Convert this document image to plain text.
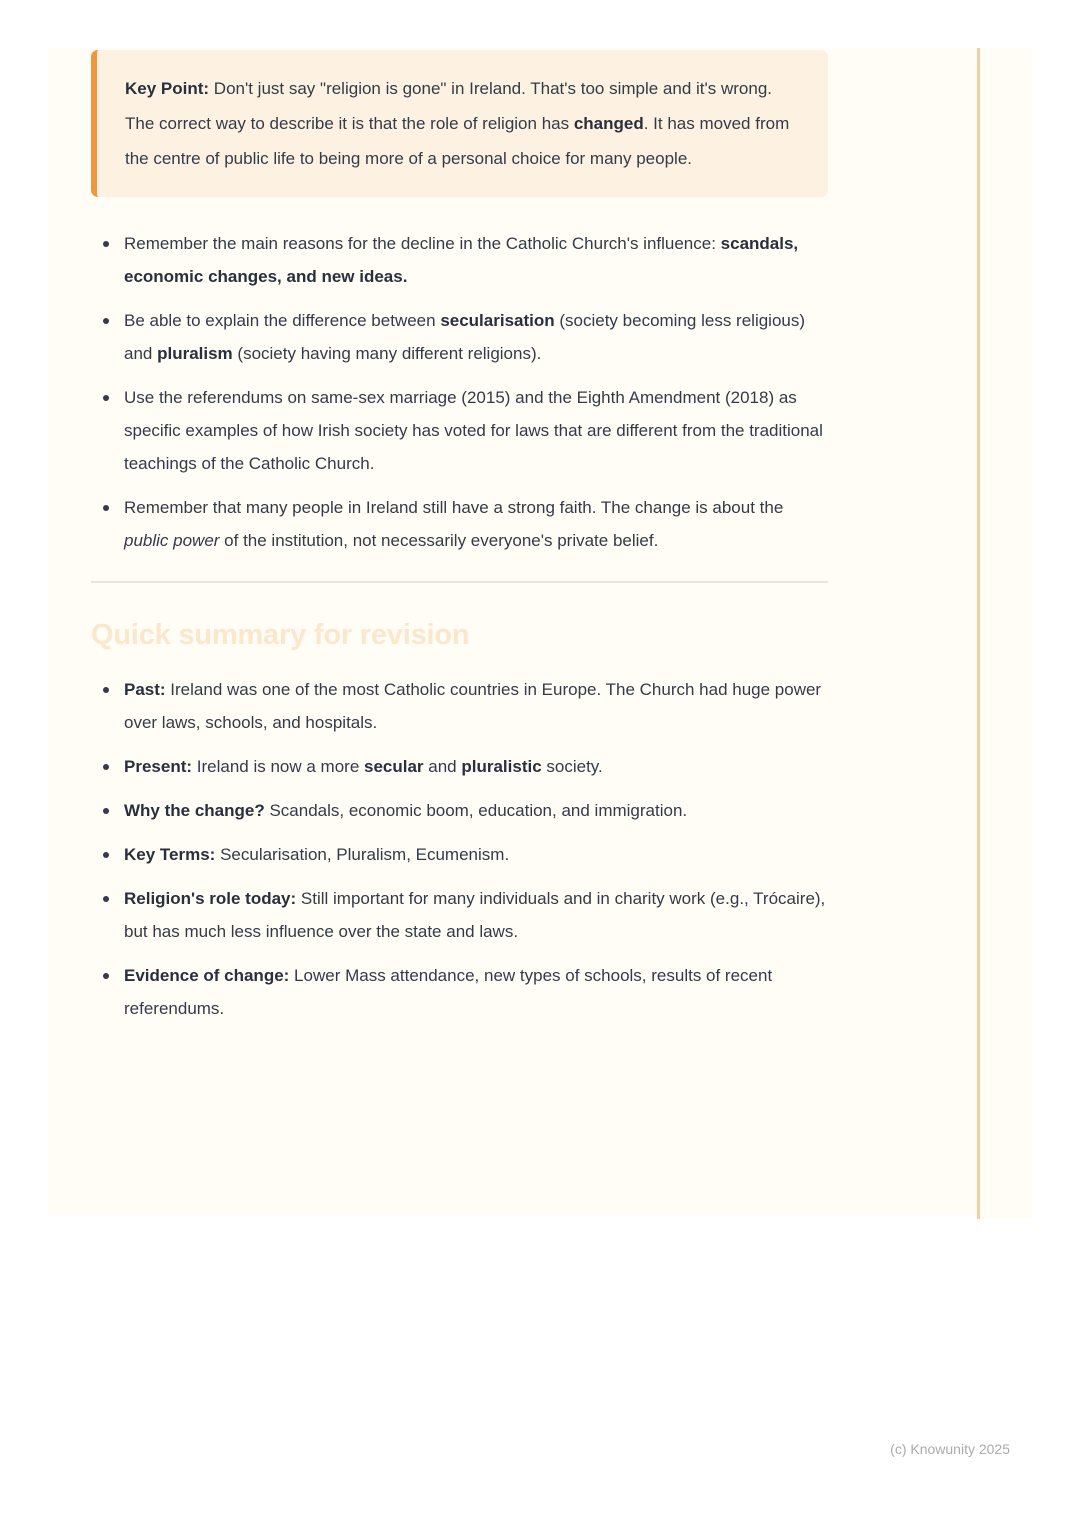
Key Point: Don't just say "religion is gone" in Ireland. That's too simple and it's wrong. The correct way to describe it is that the role of religion has changed. It has moved from the centre of public life to being more of a personal choice for many people.

Remember the main reasons for the decline in the Catholic Church's influence: scandals, economic changes, and new ideas.
Be able to explain the difference between secularisation (society becoming less religious) and pluralism (society having many different religions).
Use the referendums on same-sex marriage (2015) and the Eighth Amendment (2018) as specific examples of how Irish society has voted for laws that are different from the traditional teachings of the Catholic Church.
Remember that many people in Ireland still have a strong faith. The change is about the public power of the institution, not necessarily everyone's private belief.
Quick summary for revision
Past: Ireland was one of the most Catholic countries in Europe. The Church had huge power over laws, schools, and hospitals.
Present: Ireland is now a more secular and pluralistic society.
Why the change? Scandals, economic boom, education, and immigration.
Key Terms: Secularisation, Pluralism, Ecumenism.
Religion's role today: Still important for many individuals and in charity work (e.g., Trócaire), but has much less influence over the state and laws.
Evidence of change: Lower Mass attendance, new types of schools, results of recent referendums.
(c) Knowunity 2025
